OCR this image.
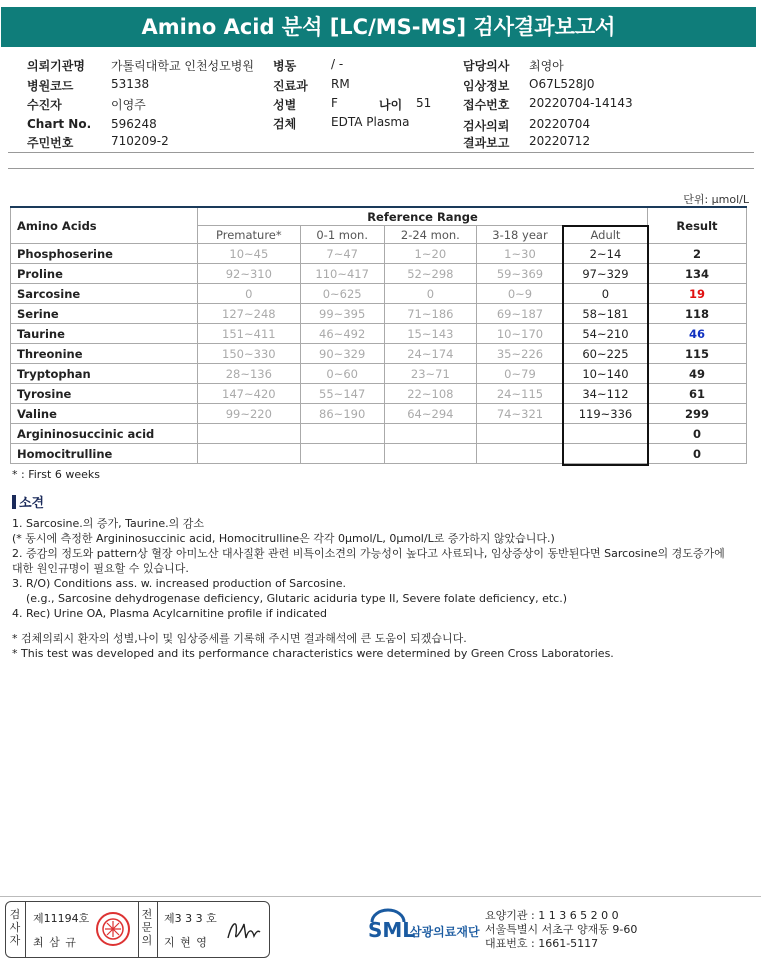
Amino Acid 분석 [LC/MS-MS] 검사결과보고서
의뢰기관명 가톨릭대학교 인천성모병원
병원코드	53138
수진자	이영주
Chart No. 596248
주민번호	710209-2
병동	/ -
진료과 RM
성별	F	나이 51
검체	EDTA Plasma
담당의사 최영아
임상정보 O67L528J0
접수번호 20220704-14143
검사의뢰 20220704
결과보고 20220712
단위: μmol/L
Amino Acids	Reference Range					Result
	Premature*	0-1 mon.	2-24 mon.	3-18 year	Adult	
Phosphoserine	10~45	7~47	1~20	1~30	2~14	2
Proline	92~310	110~417	52~298	59~369	97~329	134
Sarcosine	0	0~625	0	0~9	0	19
Serine	127~248	99~395	71~186	69~187	58~181	118
Taurine	151~411	46~492	15~143	10~170	54~210	46
Threonine	150~330	90~329	24~174	35~226	60~225	115
Tryptophan	28~136	0~60	23~71	0~79	10~140	49
Tyrosine	147~420	55~147	22~108	24~115	34~112	61
Valine	99~220	86~190	64~294	74~321	119~336	299
Argininosuccinic acid						0
Homocitrulline						0
* : First 6 weeks
소견
1. Sarcosine.의 증가, Taurine.의 감소
(* 동시에 측정한 Argininosuccinic acid, Homocitrulline은 각각 0μmol/L, 0μmol/L로 증가하지 않았습니다.)
2. 증감의 정도와 pattern상 혈장 아미노산 대사질환 관련 비특이소견의 가능성이 높다고 사료되나, 임상증상이 동반된다면 Sarcosine의 경도증가에
대한 원인규명이 필요할 수 있습니다.
3. R/O) Conditions ass. w. increased production of Sarcosine.
(e.g., Sarcosine dehydrogenase deficiency, Glutaric aciduria type II, Severe folate deficiency, etc.)
4. Rec) Urine OA, Plasma Acylcarnitine profile if indicated
* 검체의뢰시 환자의 성별,나이 및 임상증세를 기록해 주시면 결과해석에 큰 도움이 되겠습니다.
* This test was developed and its performance characteristics were determined by Green Cross Laboratories.
검사자
제11194호
최 삼 규
전문의
제3 3 3 호
지 현 영
SML
삼광의료재단
요양기관 : 1 1 3 6 5 2 0 0
서울특별시 서초구 양재동 9-60
대표번호 : 1661-5117
